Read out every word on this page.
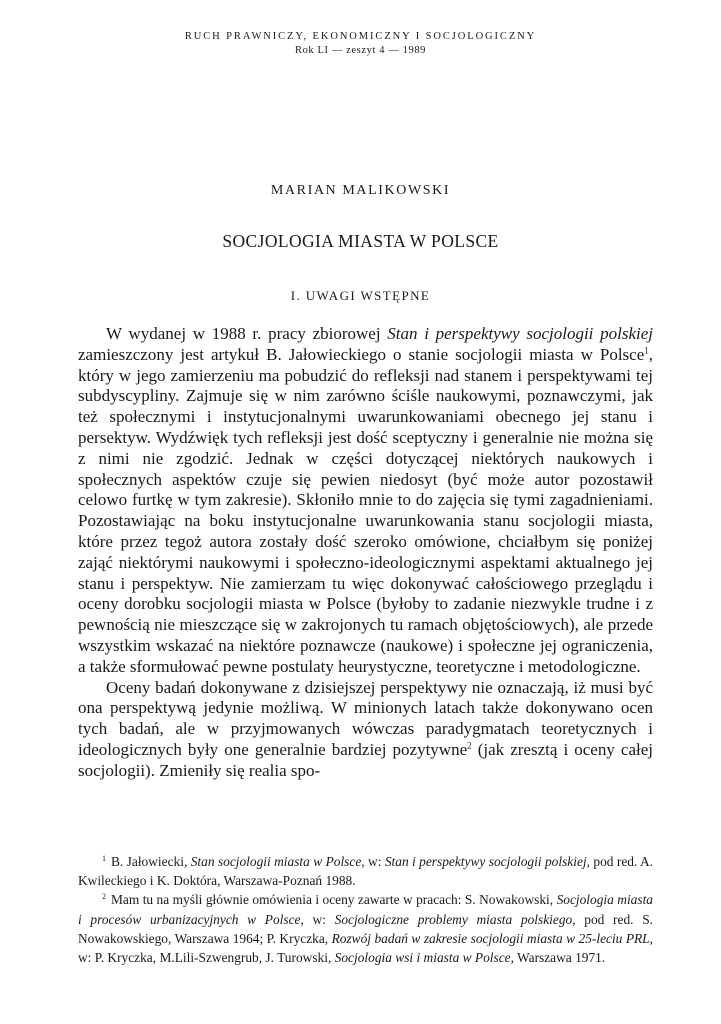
RUCH PRAWNICZY, EKONOMICZNY I SOCJOLOGICZNY
Rok LI — zeszyt 4 — 1989
MARIAN MALIKOWSKI
SOCJOLOGIA MIASTA W POLSCE
I. UWAGI WSTĘPNE

W wydanej w 1988 r. pracy zbiorowej Stan i perspektywy socjologii polskiej zamieszczony jest artykuł B. Jałowieckiego o stanie socjologii miasta w Polsce$^1$, który w jego zamierzeniu ma pobudzić do refleksji nad stanem i perspektywami tej subdyscypliny. Zajmuje się w nim zarówno ściśle naukowymi, poznawczymi, jak też społecznymi i instytucjonalnymi uwarunkowaniami obecnego jej stanu i persektyw. Wydźwięk tych refleksji jest dość sceptyczny i generalnie nie można się z nimi nie zgodzić. Jednak w części dotyczącej niektórych naukowych i społecznych aspektów czuje się pewien niedosyt (być może autor pozostawił celowo furtkę w tym zakresie). Skłoniło mnie to do zajęcia się tymi zagadnieniami. Pozostawiając na boku instytucjonalne uwarunkowania stanu socjologii miasta, które przez tegoż autora zostały dość szeroko omówione, chciałbym się poniżej zająć niektórymi naukowymi i społeczno-ideologicznymi aspektami aktualnego jej stanu i perspektyw. Nie zamierzam tu więc dokonywać całościowego przeglądu i oceny dorobku socjologii miasta w Polsce (byłoby to zadanie niezwykle trudne i z pewnością nie mieszczące się w zakrojonych tu ramach objętościowych), ale przede wszystkim wskazać na niektóre poznawcze (naukowe) i społeczne jej ograniczenia, a także sformułować pewne postulaty heurystyczne, teoretyczne i metodologiczne.

Oceny badań dokonywane z dzisiejszej perspektywy nie oznaczają, iż musi być ona perspektywą jedynie możliwą. W minionych latach także dokonywano ocen tych badań, ale w przyjmowanych wówczas paradygmatach teoretycznych i ideologicznych były one generalnie bardziej pozytywne$^2$ (jak zresztą i oceny całej socjologii). Zmieniły się realia spo-

$^1$ B. Jałowiecki, Stan socjologii miasta w Polsce, w: Stan i perspektywy socjologii polskiej, pod red. A. Kwileckiego i K. Doktóra, Warszawa-Poznań 1988.

$^2$ Mam tu na myśli głównie omówienia i oceny zawarte w pracach: S. Nowakowski, Socjologia miasta i procesów urbanizacyjnych w Polsce, w: Socjologiczne problemy miasta polskiego, pod red. S. Nowakowskiego, Warszawa 1964; P. Kryczka, Rozwój badań w zakresie socjologii miasta w 25-leciu PRL, w: P. Kryczka, M.Lili-Szwengrub, J. Turowski, Socjologia wsi i miasta w Polsce, Warszawa 1971.
